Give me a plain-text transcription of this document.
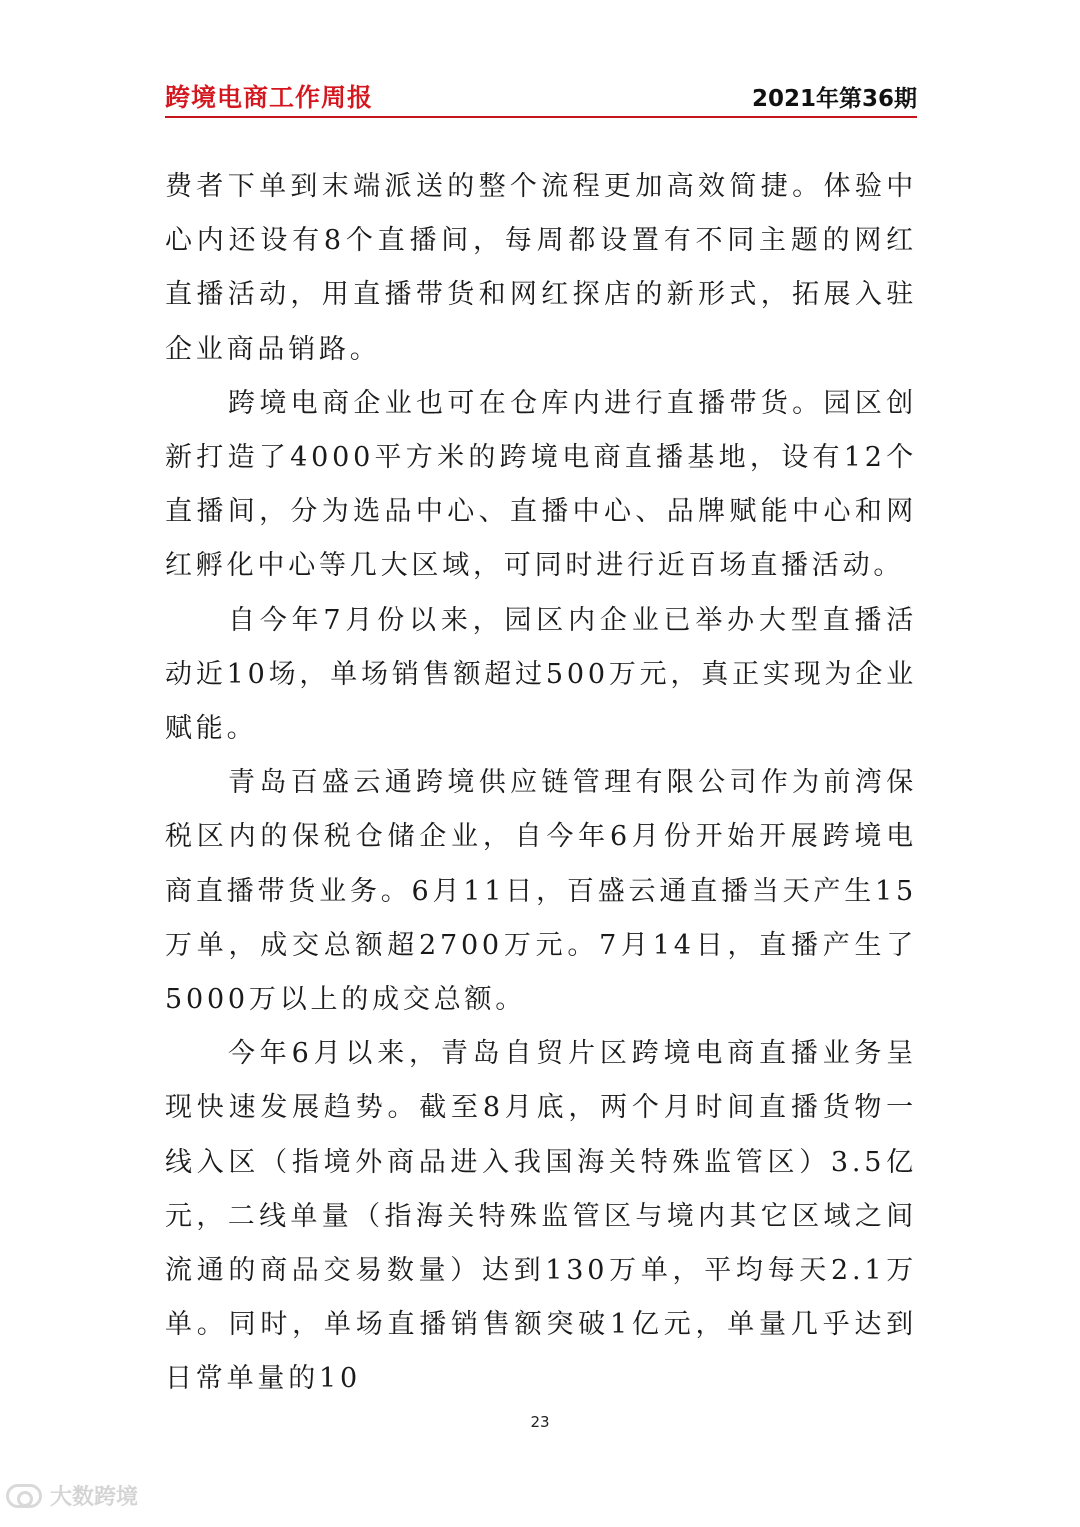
跨境电商工作周报	2021年第36期

费者下单到末端派送的整个流程更加高效简捷。体验中心内还设有8个直播间，每周都设置有不同主题的网红直播活动，用直播带货和网红探店的新形式，拓展入驻企业商品销路。

跨境电商企业也可在仓库内进行直播带货。园区创新打造了4000平方米的跨境电商直播基地，设有12个直播间，分为选品中心、直播中心、品牌赋能中心和网红孵化中心等几大区域，可同时进行近百场直播活动。

自今年7月份以来，园区内企业已举办大型直播活动近10场，单场销售额超过500万元，真正实现为企业赋能。

青岛百盛云通跨境供应链管理有限公司作为前湾保税区内的保税仓储企业，自今年6月份开始开展跨境电商直播带货业务。6月11日，百盛云通直播当天产生15万单，成交总额超2700万元。7月14日，直播产生了5000万以上的成交总额。

今年6月以来，青岛自贸片区跨境电商直播业务呈现快速发展趋势。截至8月底，两个月时间直播货物一线入区（指境外商品进入我国海关特殊监管区）3.5亿元，二线单量（指海关特殊监管区与境内其它区域之间流通的商品交易数量）达到130万单，平均每天2.1万单。同时，单场直播销售额突破1亿元，单量几乎达到日常单量的10

23
大数跨境
